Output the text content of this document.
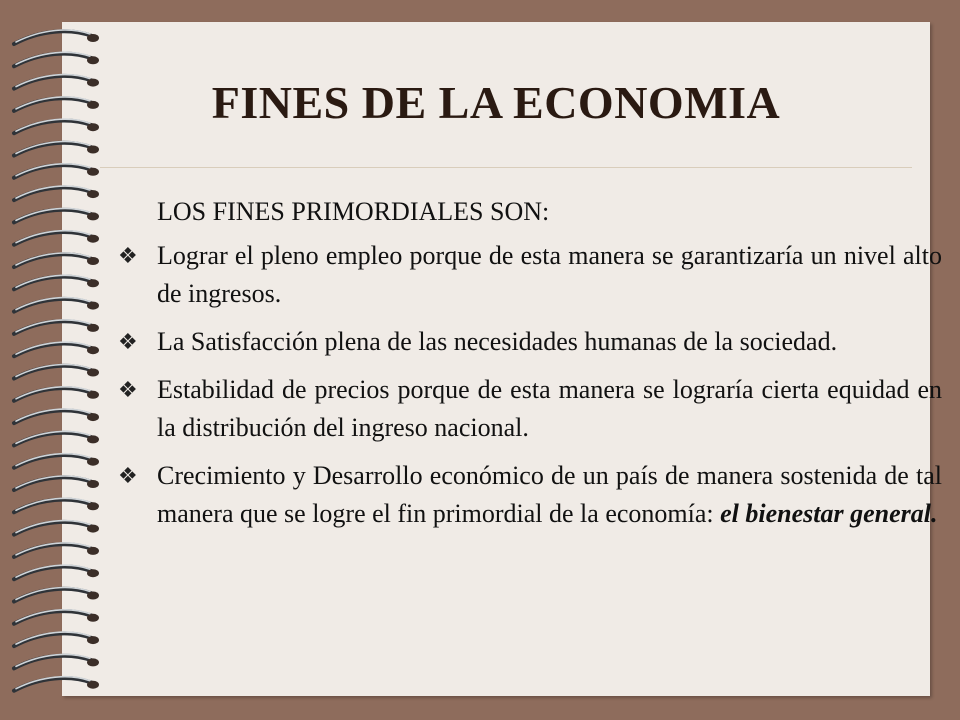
FINES DE LA ECONOMIA
LOS FINES PRIMORDIALES SON:
❖ Lograr el pleno empleo porque de esta manera se garantizaría un nivel alto de ingresos.
❖ La Satisfacción plena de las necesidades humanas de la sociedad.
❖ Estabilidad de precios porque de esta manera se lograría cierta equidad en la distribución del ingreso nacional.
❖ Crecimiento y Desarrollo económico de un país de manera sostenida de tal manera que se logre el fin primordial de la economía: el bienestar general.
